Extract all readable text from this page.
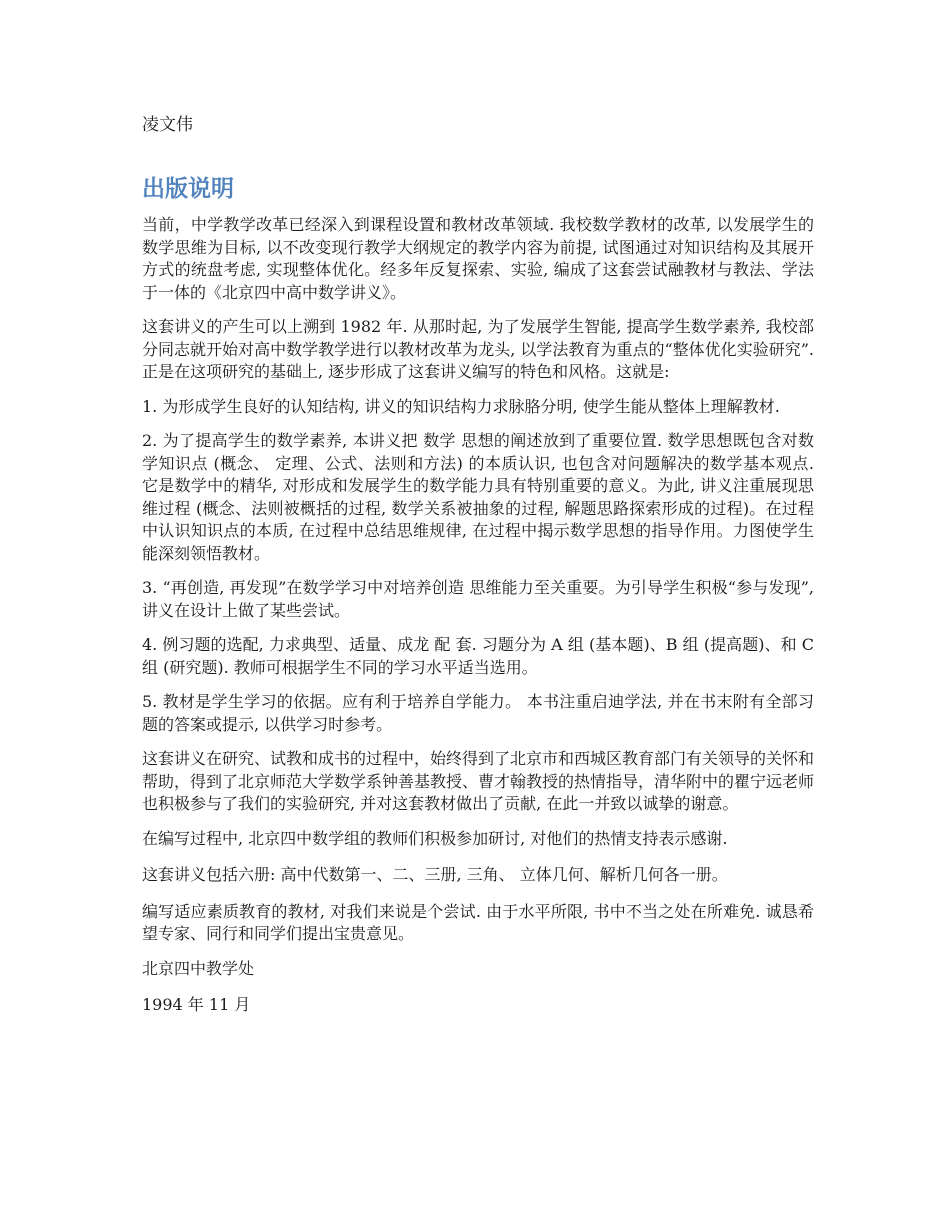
凌文伟

出版说明

当前，中学教学改革已经深入到课程设置和教材改革领域. 我校数学教材的改革, 以发展学生的数学思维为目标, 以不改变现行教学大纲规定的教学内容为前提, 试图通过对知识结构及其展开方式的统盘考虑, 实现整体优化。经多年反复探索、实验, 编成了这套尝试融教材与教法、学法于一体的《北京四中高中数学讲义》。

这套讲义的产生可以上溯到 1982 年. 从那时起, 为了发展学生智能, 提高学生数学素养, 我校部分同志就开始对高中数学教学进行以教材改革为龙头, 以学法教育为重点的“整体优化实验研究”. 正是在这项研究的基础上, 逐步形成了这套讲义编写的特色和风格。这就是:

1. 为形成学生良好的认知结构, 讲义的知识结构力求脉胳分明, 使学生能从整体上理解教材.

2. 为了提高学生的数学素养, 本讲义把 数学 思想的阐述放到了重要位置. 数学思想既包含对数学知识点 (概念、 定理、公式、法则和方法) 的本质认识, 也包含对问题解决的数学基本观点. 它是数学中的精华, 对形成和发展学生的数学能力具有特别重要的意义。为此, 讲义注重展现思维过程 (概念、法则被概括的过程, 数学关系被抽象的过程, 解题思路探索形成的过程)。在过程中认识知识点的本质, 在过程中总结思维规律, 在过程中揭示数学思想的指导作用。力图使学生能深刻领悟教材。

3. “再创造, 再发现”在数学学习中对培养创造 思维能力至关重要。为引导学生积极“参与发现”, 讲义在设计上做了某些尝试。

4. 例习题的选配, 力求典型、适量、成龙 配 套. 习题分为 A 组 (基本题)、B 组 (提高题)、和 C 组 (研究题). 教师可根据学生不同的学习水平适当选用。

5. 教材是学生学习的依据。应有利于培养自学能力。 本书注重启迪学法, 并在书末附有全部习题的答案或提示, 以供学习时参考。

这套讲义在研究、试教和成书的过程中，始终得到了北京市和西城区教育部门有关领导的关怀和帮助，得到了北京师范大学数学系钟善基教授、曹才翰教授的热情指导，清华附中的瞿宁远老师也积极参与了我们的实验研究, 并对这套教材做出了贡献, 在此一并致以诚挚的谢意。

在编写过程中, 北京四中数学组的教师们积极参加研讨, 对他们的热情支持表示感谢.

这套讲义包括六册: 高中代数第一、二、三册, 三角、 立体几何、解析几何各一册。

编写适应素质教育的教材, 对我们来说是个尝试. 由于水平所限, 书中不当之处在所难免. 诚恳希望专家、同行和同学们提出宝贵意见。

北京四中教学处

1994 年 11 月
